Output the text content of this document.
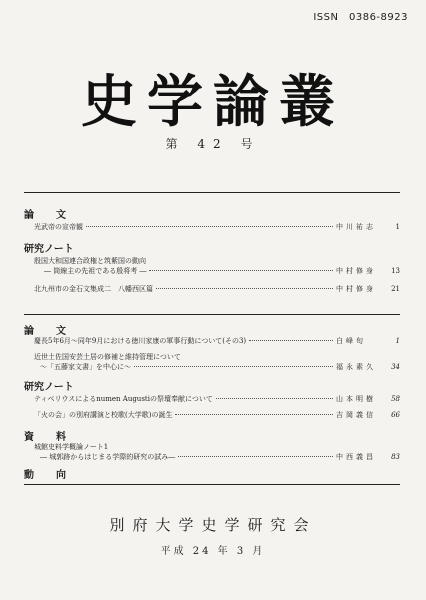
ISSN　0386-8923
史学論叢
第 42 号
論　文
光武帝の宣帝観	中川祐志	1
研究ノート
殷国大和国連合政権と筑紫国の動向
― 筒線主の先祖である殷将考 ―	中村修身	13
北九州市の金石文集成二　八幡西区篇	中村修身	21
論　文
慶長5年6月～同年9月における徳川家康の軍事行動について(その3)	白峰旬	1
近世土佐国安芸土居の修補と維持管理について
～「五藤家文書」を中心に～	福永素久	34
研究ノート
ティベリウスによるnumen Augustiの祭壇奉献について	山本明樹	58
「火の会」の別府講演と校歌(大学歌)の誕生	吉岡義信	66
資　料
城館史料学概論ノート1
― 城郭跡からはじまる学際的研究の試み―	中西義昌	83
動　向
別府大学史学研究会
平成 24 年 3 月
